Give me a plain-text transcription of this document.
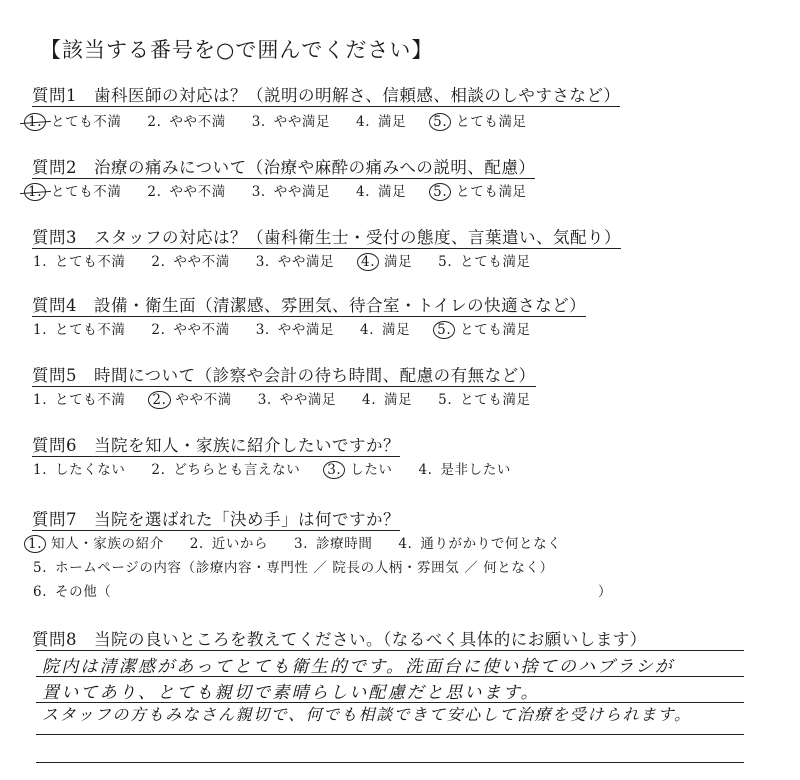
【該当する番号を○で囲んでください】
質問1　歯科医師の対応は？（説明の明解さ、信頼感、相談のしやすさなど）
1. とても不満 2. やや不満 3. やや満足 4. 満足 5. とても満足
質問2　治療の痛みについて（治療や麻酔の痛みへの説明、配慮）
1. とても不満 2. やや不満 3. やや満足 4. 満足 5. とても満足
質問3　スタッフの対応は？（歯科衛生士・受付の態度、言葉遣い、気配り）
1. とても不満 2. やや不満 3. やや満足 4. 満足 5. とても満足
質問4　設備・衛生面（清潔感、雰囲気、待合室・トイレの快適さなど）
1. とても不満 2. やや不満 3. やや満足 4. 満足 5. とても満足
質問5　時間について（診察や会計の待ち時間、配慮の有無など）
1. とても不満 2. やや不満 3. やや満足 4. 満足 5. とても満足
質問6　当院を知人・家族に紹介したいですか？
1. したくない 2. どちらとも言えない 3. したい 4. 是非したい
質問7　当院を選ばれた「決め手」は何ですか？
1. 知人・家族の紹介 2. 近いから 3. 診療時間 4. 通りがかりで何となく
5. ホームページの内容（診療内容・専門性 ／ 院長の人柄・雰囲気 ／ 何となく）
6. その他（	）
質問8　当院の良いところを教えてください。（なるべく具体的にお願いします）
院内は清潔感があってとても衛生的です。洗面台に使い捨てのハブラシが
置いてあり、とても親切で素晴らしい配慮だと思います。
スタッフの方もみなさん親切で、何でも相談できて安心して治療を受けられます。
